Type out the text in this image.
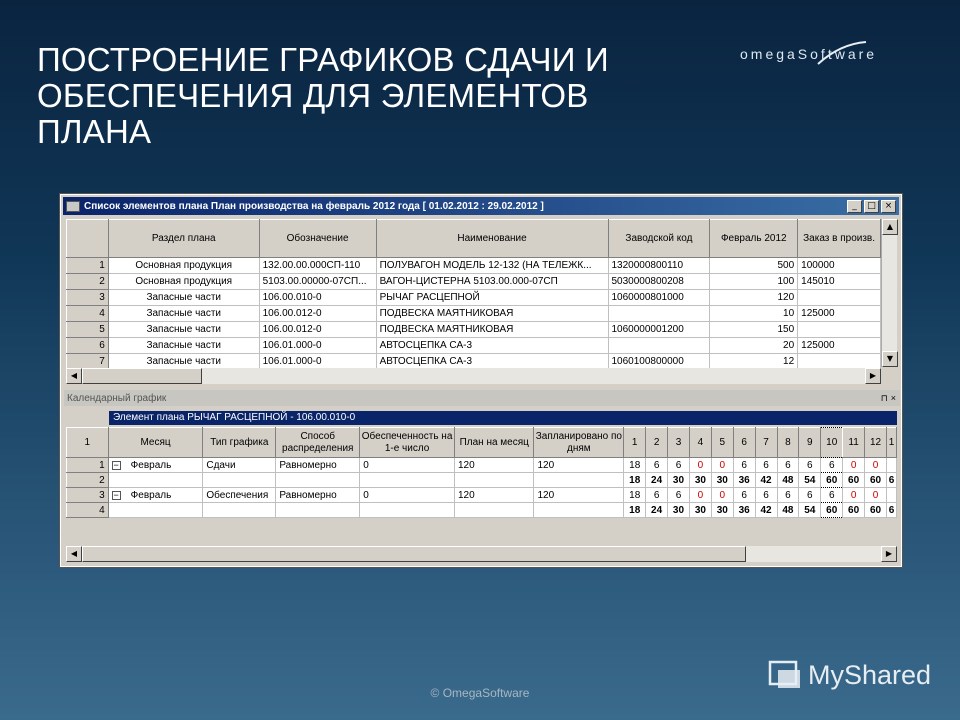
ПОСТРОЕНИЕ ГРАФИКОВ СДАЧИ И ОБЕСПЕЧЕНИЯ ДЛЯ ЭЛЕМЕНТОВ ПЛАНА
omegaSoftware
Список элементов плана План производства на февраль 2012 года [ 01.02.2012 : 29.02.2012 ]	_	□ ×
	Раздел плана	Обозначение	Наименование	Заводской код	Февраль 2012	Заказ в произв.
1	Основная продукция	132.00.00.000СП-110	ПОЛУВАГОН МОДЕЛЬ 12-132 (НА ТЕЛЕЖК...	1320000800110	500	100000
2	Основная продукция	5103.00.00000-07СП...	ВАГОН-ЦИСТЕРНА 5103.00.000-07СП	5030000800208	100	145010
3	Запасные части	106.00.010-0	РЫЧАГ РАСЦЕПНОЙ	1060000801000	120	
4	Запасные части	106.00.012-0	ПОДВЕСКА МАЯТНИКОВАЯ		10	125000
5	Запасные части	106.00.012-0	ПОДВЕСКА МАЯТНИКОВАЯ	1060000001200	150	
6	Запасные части	106.01.000-0	АВТОСЦЕПКА СА-3		20	125000
7	Запасные части	106.01.000-0	АВТОСЦЕПКА СА-3	1060100800000	12	
▲
▼
◀	▶
Календарный график	⊓ ×
Элемент плана РЫЧАГ РАСЦЕПНОЙ - 106.00.010-0
1	Месяц	Тип графика	Способ распределения	Обеспеченность на 1-е число	План на месяц	Запланировано по дням	1	2	3	4	5	6	7	8	9	10	11	12	1
1	− Февраль	Сдачи	Равномерно	0	120	120	18	6	6	0	0	6	6	6	6	6	0	0	
2							18	24	30	30	30	36	42	48	54	60	60	60	6
3	− Февраль	Обеспечения	Равномерно	0	120	120	18	6	6	0	0	6	6	6	6	6	0	0	
4							18	24	30	30	30	36	42	48	54	60	60	60	6
◀	▶
© OmegaSoftware
MyShared
